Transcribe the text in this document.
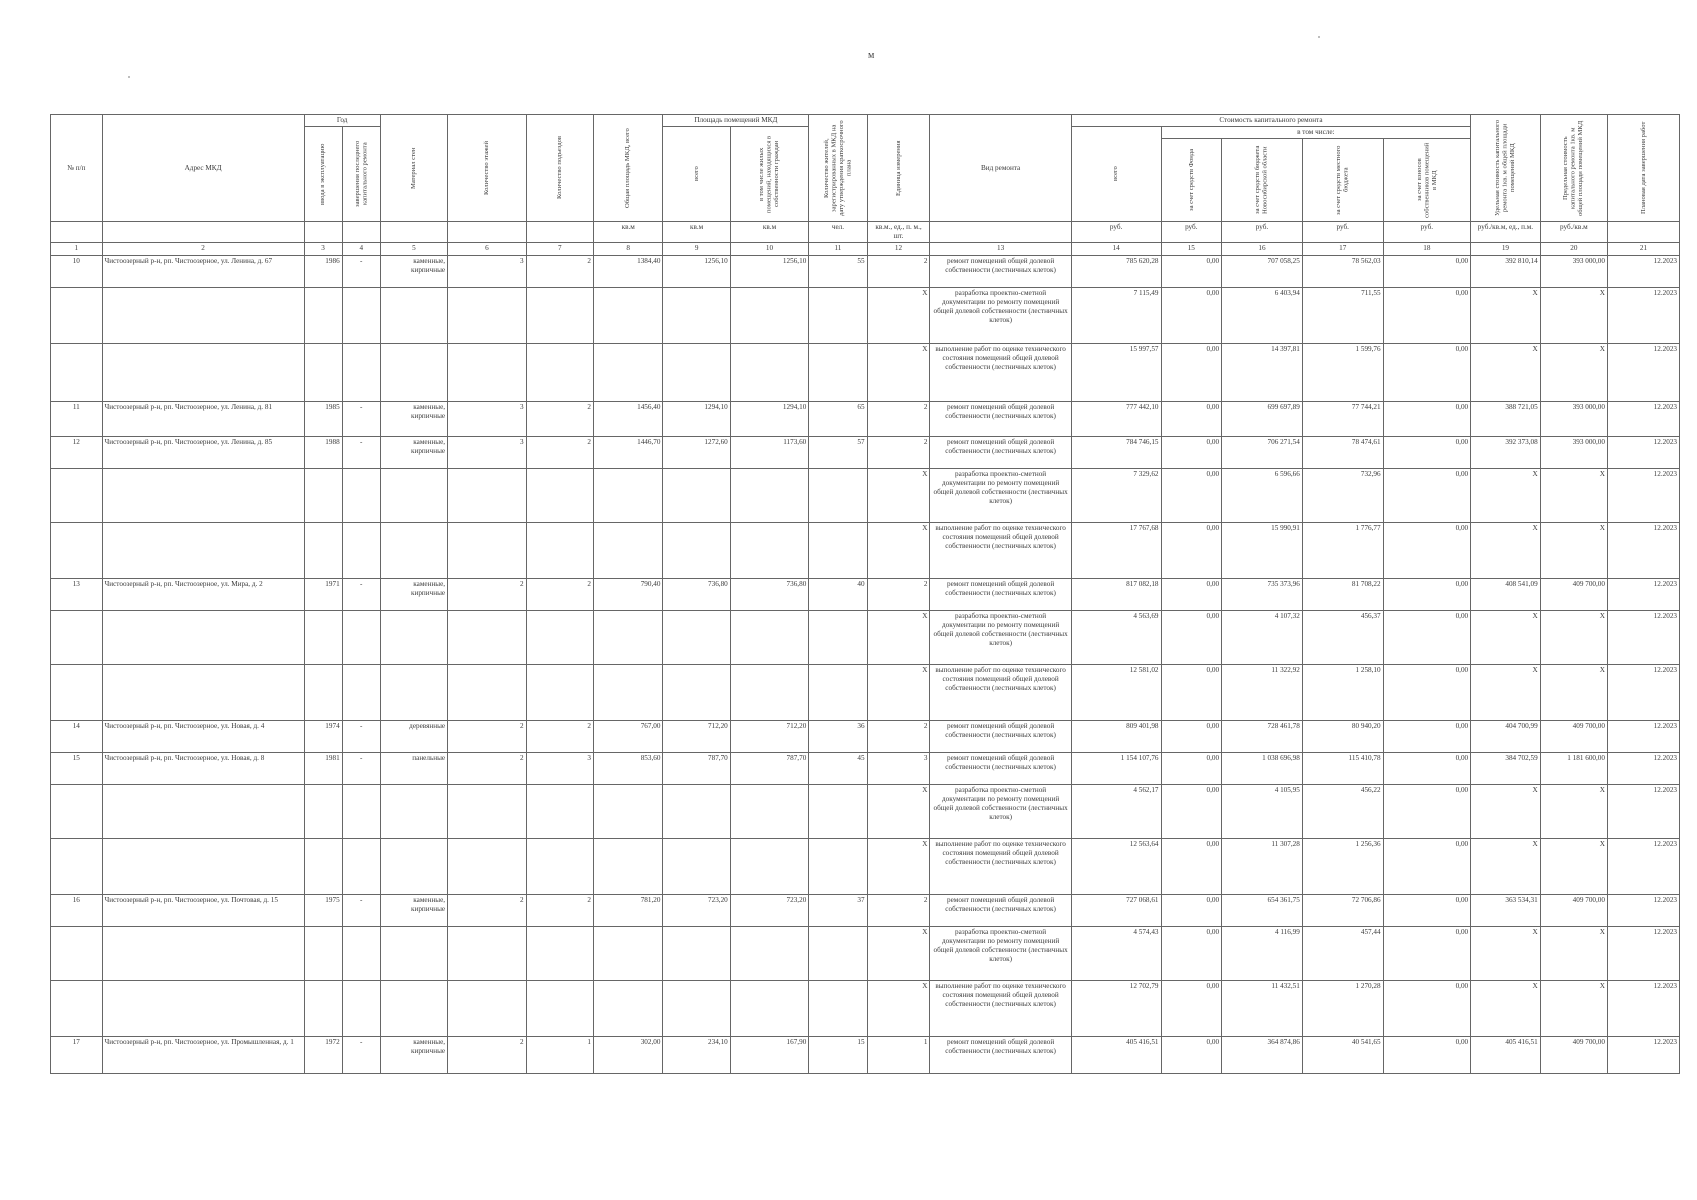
м
№ п/п	Адрес МКД	Год		Материал стен	Количество этажей	Количество подъездов	Общая площадь МКД, всего	Площадь помещений МКД		Количество жителей, зарегистрированных в МКД на дату утверждения краткосрочного плана	Единица измерения	Вид ремонта	Стоимость капитального ремонта					Удельная стоимость капитального ремонта 1кв. м общей площади помещений МКД	Предельная стоимость капитального ремонта 1кв. м общей площади помещений МКД	Плановая дата завершения работ

		ввода в эксплуатацию	завершения последнего капитального ремонта					всего	в том числе жилых помещений, находящихся в собственности граждан				всего	в том числе:						

														за счет средств Фонда	за счет средств бюджета Новосибирской области	за счет средств местного бюджета	за счет взносов собственников помещений в МКД			

							кв.м	кв.м	кв.м	чел.	кв.м., ед., п. м., шт.		руб.	руб.	руб.	руб.	руб.	руб./кв.м, ед., п.м.	руб./кв.м	
1	2	3	4	5	6	7	8	9	10	11	12	13	14	15	16	17	18	19	20	21
10	Чистоозерный р-н, рп. Чистоозерное, ул. Ленина, д. 67	1986	-	каменные, кирпичные	3	2	1384,40	1256,10	1256,10	55	2	ремонт помещений общей долевой собственности (лестничных клеток)	785 620,28	0,00	707 058,25	78 562,03	0,00	392 810,14	393 000,00	12.2023
											X	разработка проектно-сметной документации по ремонту помещений общей долевой собственности (лестничных клеток)	7 115,49	0,00	6 403,94	711,55	0,00	X	X	12.2023
											X	выполнение работ по оценке технического состояния помещений общей долевой собственности (лестничных клеток)	15 997,57	0,00	14 397,81	1 599,76	0,00	X	X	12.2023
11	Чистоозерный р-н, рп. Чистоозерное, ул. Ленина, д. 81	1985	-	каменные, кирпичные	3	2	1456,40	1294,10	1294,10	65	2	ремонт помещений общей долевой собственности (лестничных клеток)	777 442,10	0,00	699 697,89	77 744,21	0,00	388 721,05	393 000,00	12.2023
12	Чистоозерный р-н, рп. Чистоозерное, ул. Ленина, д. 85	1988	-	каменные, кирпичные	3	2	1446,70	1272,60	1173,60	57	2	ремонт помещений общей долевой собственности (лестничных клеток)	784 746,15	0,00	706 271,54	78 474,61	0,00	392 373,08	393 000,00	12.2023
											X	разработка проектно-сметной документации по ремонту помещений общей долевой собственности (лестничных клеток)	7 329,62	0,00	6 596,66	732,96	0,00	X	X	12.2023
											X	выполнение работ по оценке технического состояния помещений общей долевой собственности (лестничных клеток)	17 767,68	0,00	15 990,91	1 776,77	0,00	X	X	12.2023
13	Чистоозерный р-н, рп. Чистоозерное, ул. Мира, д. 2	1971	-	каменные, кирпичные	2	2	790,40	736,80	736,80	40	2	ремонт помещений общей долевой собственности (лестничных клеток)	817 082,18	0,00	735 373,96	81 708,22	0,00	408 541,09	409 700,00	12.2023
											X	разработка проектно-сметной документации по ремонту помещений общей долевой собственности (лестничных клеток)	4 563,69	0,00	4 107,32	456,37	0,00	X	X	12.2023
											X	выполнение работ по оценке технического состояния помещений общей долевой собственности (лестничных клеток)	12 581,02	0,00	11 322,92	1 258,10	0,00	X	X	12.2023
14	Чистоозерный р-н, рп. Чистоозерное, ул. Новая, д. 4	1974	-	деревянные	2	2	767,00	712,20	712,20	36	2	ремонт помещений общей долевой собственности (лестничных клеток)	809 401,98	0,00	728 461,78	80 940,20	0,00	404 700,99	409 700,00	12.2023
15	Чистоозерный р-н, рп. Чистоозерное, ул. Новая, д. 8	1981	-	панельные	2	3	853,60	787,70	787,70	45	3	ремонт помещений общей долевой собственности (лестничных клеток)	1 154 107,76	0,00	1 038 696,98	115 410,78	0,00	384 702,59	1 181 600,00	12.2023
											X	разработка проектно-сметной документации по ремонту помещений общей долевой собственности (лестничных клеток)	4 562,17	0,00	4 105,95	456,22	0,00	X	X	12.2023
											X	выполнение работ по оценке технического состояния помещений общей долевой собственности (лестничных клеток)	12 563,64	0,00	11 307,28	1 256,36	0,00	X	X	12.2023
16	Чистоозерный р-н, рп. Чистоозерное, ул. Почтовая, д. 15	1975	-	каменные, кирпичные	2	2	781,20	723,20	723,20	37	2	ремонт помещений общей долевой собственности (лестничных клеток)	727 068,61	0,00	654 361,75	72 706,86	0,00	363 534,31	409 700,00	12.2023
											X	разработка проектно-сметной документации по ремонту помещений общей долевой собственности (лестничных клеток)	4 574,43	0,00	4 116,99	457,44	0,00	X	X	12.2023
											X	выполнение работ по оценке технического состояния помещений общей долевой собственности (лестничных клеток)	12 702,79	0,00	11 432,51	1 270,28	0,00	X	X	12.2023
17	Чистоозерный р-н, рп. Чистоозерное, ул. Промышленная, д. 1	1972	-	каменные, кирпичные	2	1	302,00	234,10	167,90	15	1	ремонт помещений общей долевой собственности (лестничных клеток)	405 416,51	0,00	364 874,86	40 541,65	0,00	405 416,51	409 700,00	12.2023
